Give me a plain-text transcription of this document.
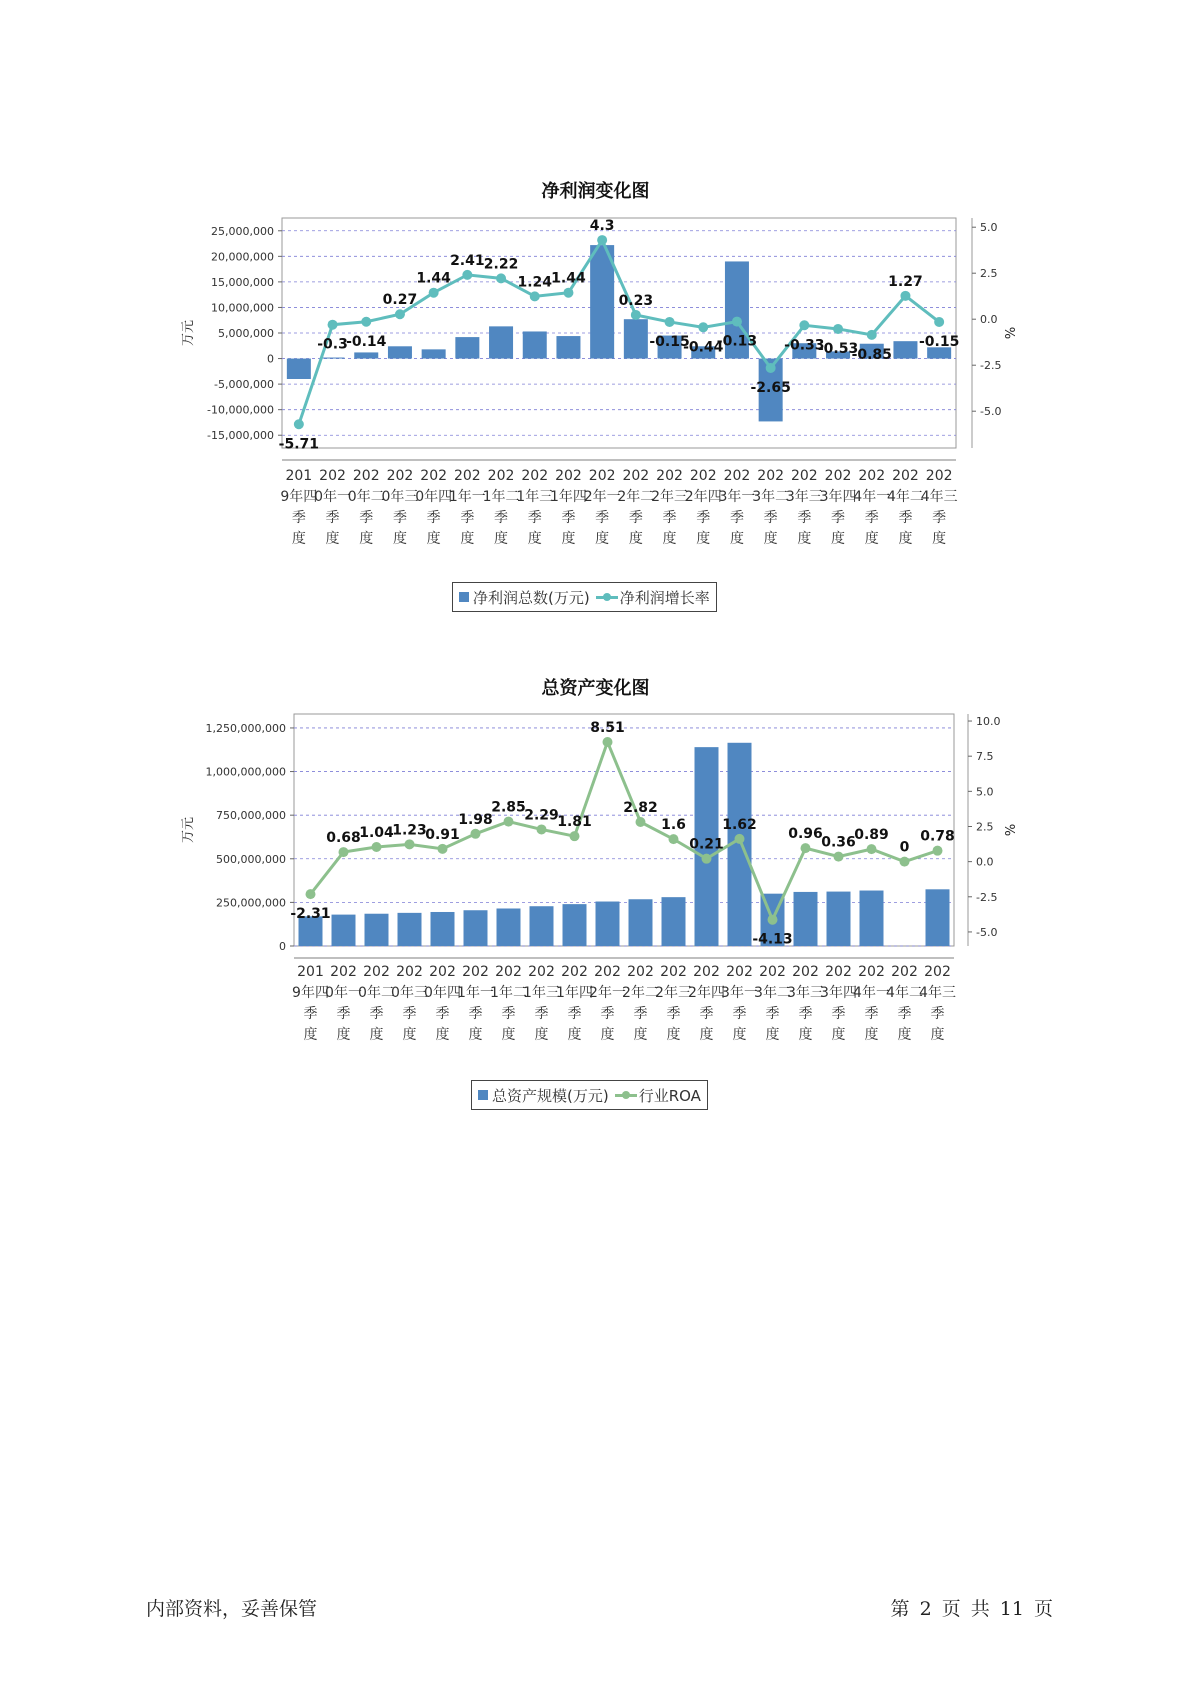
净利润变化图
25,000,000
20,000,000
15,000,000
10,000,000
5,000,000
0
-5,000,000
-10,000,000
-15,000,000
5.0
2.5
0.0
-2.5
-5.0
万元	%
-5.71
-0.3
-0.14
0.27
1.44
2.41 2.22
1.24 1.44
4.3
0.23
-0.15
-0.44
-0.13
-2.65
-0.33
-0.53
-0.85
1.27
-0.15
201
9年四
季
度
202
0年一
季
度
202
0年二
季
度
202
0年三
季
度
202
0年四
季
度
202
1年一
季
度
202
1年二
季
度
202
1年三
季
度
202
1年四
季
度
202
2年一
季
度
202
2年二
季
度
202
2年三
季
度
202
2年四
季
度
202
3年一
季
度
202
3年二
季
度
202
3年三
季
度
202
3年四
季
度
202
4年一
季
度
202
4年二
季
度
202
4年三
季
度
净利润总数(万元) 净利润增长率
总资产变化图
1,250,000,000
1,000,000,000
750,000,000
500,000,000
250,000,000
0
10.0
7.5
5.0
2.5
0.0
-2.5
-5.0
万元	%
-2.31
0.68
1.04
1.23
0.91
1.98
2.85
2.29
1.81
8.51
2.82
1.6
0.21
1.62
-4.13
0.96
0.36
0.89
0
0.78
201
9年四
季
度
202
0年一
季
度
202
0年二
季
度
202
0年三
季
度
202
0年四
季
度
202
1年一
季
度
202
1年二
季
度
202
1年三
季
度
202
1年四
季
度
202
2年一
季
度
202
2年二
季
度
202
2年三
季
度
202
2年四
季
度
202
3年一
季
度
202
3年二
季
度
202
3年三
季
度
202
3年四
季
度
202
4年一
季
度
202
4年二
季
度
202
4年三
季
度
总资产规模(万元) 行业ROA
内部资料，妥善保管	第 2 页 共 11 页
